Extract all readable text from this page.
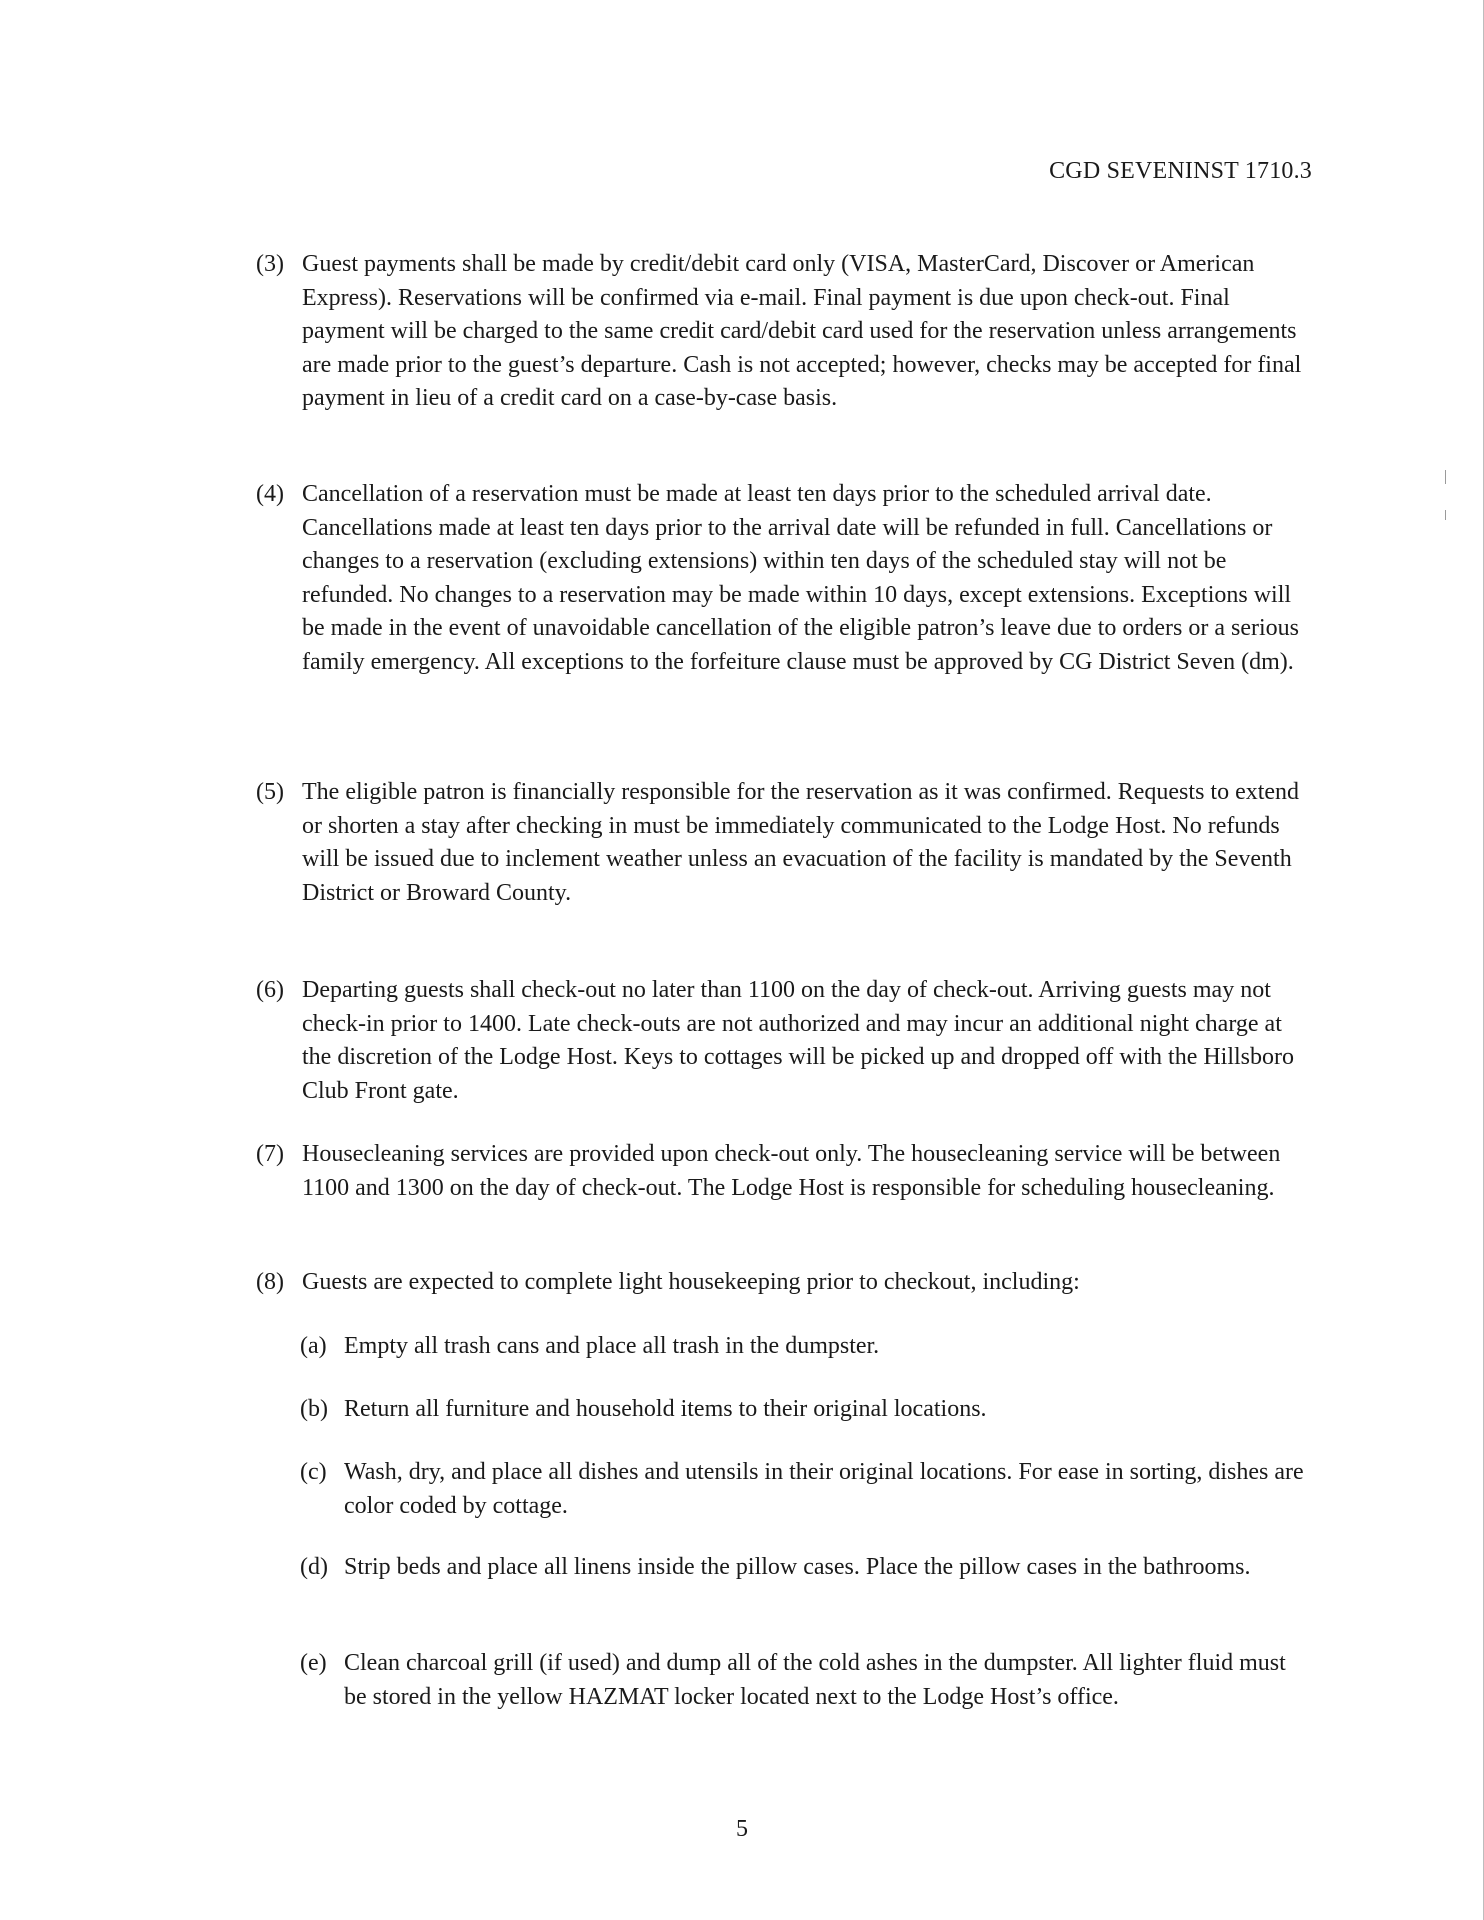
CGD SEVENINST 1710.3
(3) Guest payments shall be made by credit/debit card only (VISA, MasterCard, Discover or American Express). Reservations will be confirmed via e-mail. Final payment is due upon check-out. Final payment will be charged to the same credit card/debit card used for the reservation unless arrangements are made prior to the guest’s departure. Cash is not accepted; however, checks may be accepted for final payment in lieu of a credit card on a case-by-case basis.
(4) Cancellation of a reservation must be made at least ten days prior to the scheduled arrival date. Cancellations made at least ten days prior to the arrival date will be refunded in full. Cancellations or changes to a reservation (excluding extensions) within ten days of the scheduled stay will not be refunded. No changes to a reservation may be made within 10 days, except extensions. Exceptions will be made in the event of unavoidable cancellation of the eligible patron’s leave due to orders or a serious family emergency. All exceptions to the forfeiture clause must be approved by CG District Seven (dm).
(5) The eligible patron is financially responsible for the reservation as it was confirmed. Requests to extend or shorten a stay after checking in must be immediately communicated to the Lodge Host. No refunds will be issued due to inclement weather unless an evacuation of the facility is mandated by the Seventh District or Broward County.
(6) Departing guests shall check-out no later than 1100 on the day of check-out. Arriving guests may not check-in prior to 1400. Late check-outs are not authorized and may incur an additional night charge at the discretion of the Lodge Host. Keys to cottages will be picked up and dropped off with the Hillsboro Club Front gate.
(7) Housecleaning services are provided upon check-out only. The housecleaning service will be between 1100 and 1300 on the day of check-out. The Lodge Host is responsible for scheduling housecleaning.
(8) Guests are expected to complete light housekeeping prior to checkout, including:
(a) Empty all trash cans and place all trash in the dumpster.
(b) Return all furniture and household items to their original locations.
(c) Wash, dry, and place all dishes and utensils in their original locations. For ease in sorting, dishes are color coded by cottage.
(d) Strip beds and place all linens inside the pillow cases. Place the pillow cases in the bathrooms.
(e) Clean charcoal grill (if used) and dump all of the cold ashes in the dumpster. All lighter fluid must be stored in the yellow HAZMAT locker located next to the Lodge Host’s office.
5
